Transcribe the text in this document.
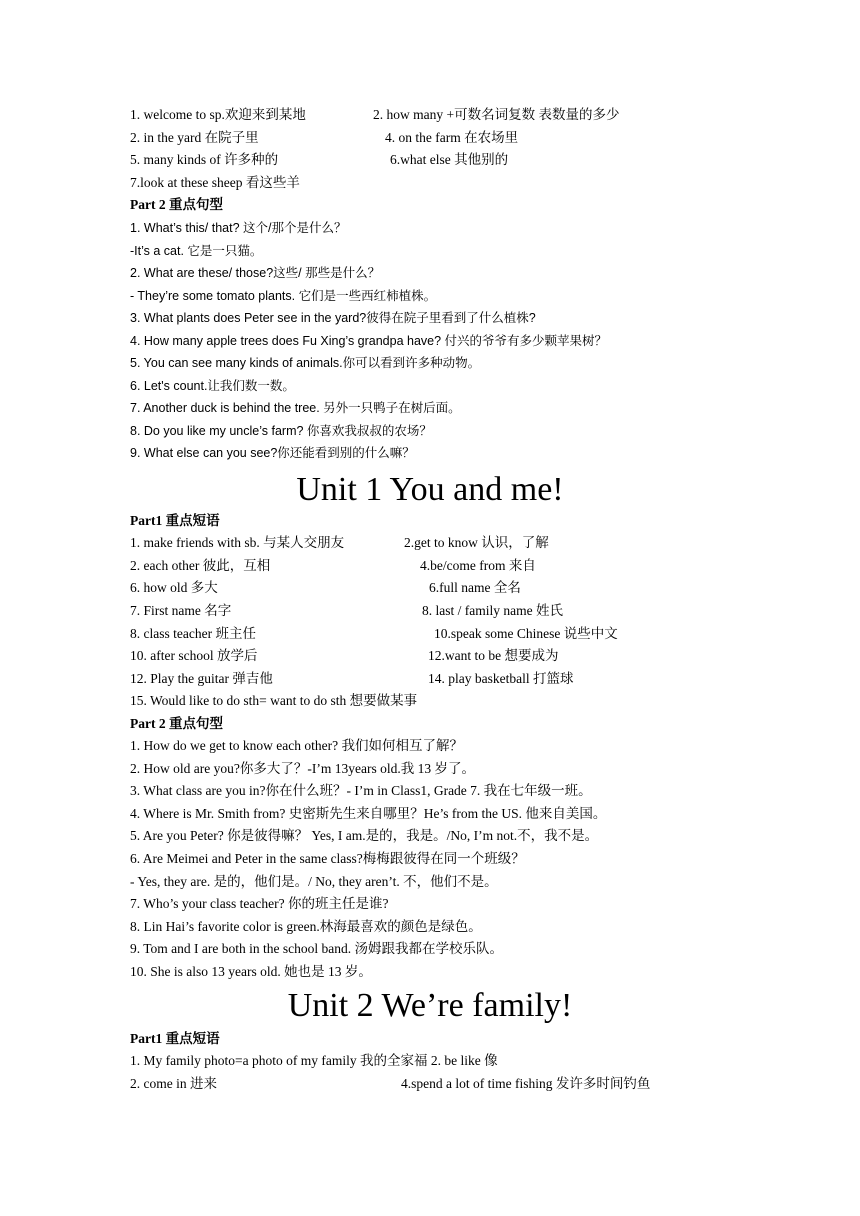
1. welcome to sp.欢迎来到某地	2. how many +可数名词复数 表数量的多少
2. in the yard 在院子里	4. on the farm 在农场里
5. many kinds of 许多种的	6.what else 其他别的
7.look at these sheep 看这些羊
Part 2 重点句型
1. What’s this/ that? 这个/那个是什么？
-It’s a cat. 它是一只猫。
2. What are these/ those?这些/ 那些是什么？
- They’re some tomato plants. 它们是一些西红柿植株。
3. What plants does Peter see in the yard?彼得在院子里看到了什么植株?
4. How many apple trees does Fu Xing’s grandpa have? 付兴的爷爷有多少颗苹果树？
5. You can see many kinds of animals.你可以看到许多种动物。
6. Let's count.让我们数一数。
7. Another duck is behind the tree. 另外一只鸭子在树后面。
8. Do you like my uncle’s farm? 你喜欢我叔叔的农场？
9. What else can you see?你还能看到别的什么嘛？
Unit 1 You and me!
Part1 重点短语
1. make friends with sb. 与某人交朋友	2.get to know 认识，了解
2. each other 彼此，互相	4.be/come from 来自
6. how old 多大	6.full name 全名
7. First name 名字	8. last / family name 姓氏
8. class teacher 班主任	10.speak some Chinese 说些中文
10. after school 放学后	12.want to be 想要成为
12. Play the guitar 弹吉他	14. play basketball 打篮球
15. Would like to do sth= want to do sth 想要做某事
Part 2 重点句型
1. How do we get to know each other? 我们如何相互了解？
2. How old are you?你多大了？-I’m 13years old.我 13 岁了。
3. What class are you in?你在什么班？- I’m in Class1, Grade 7. 我在七年级一班。
4. Where is Mr. Smith from? 史密斯先生来自哪里？He’s from the US. 他来自美国。
5. Are you Peter? 你是彼得嘛？ Yes, I am.是的，我是。/No, I’m not.不，我不是。
6. Are Meimei and Peter in the same class?梅梅跟彼得在同一个班级？
- Yes, they are. 是的，他们是。/ No, they aren’t. 不，他们不是。
7. Who’s your class teacher? 你的班主任是谁?
8. Lin Hai’s favorite color is green.林海最喜欢的颜色是绿色。
9. Tom and I are both in the school band. 汤姆跟我都在学校乐队。
10. She is also 13 years old. 她也是 13 岁。
Unit 2 We’re family!
Part1 重点短语
1. My family photo=a photo of my family 我的全家福 2. be like 像
2. come in 进来	4.spend a lot of time fishing 发许多时间钓鱼
